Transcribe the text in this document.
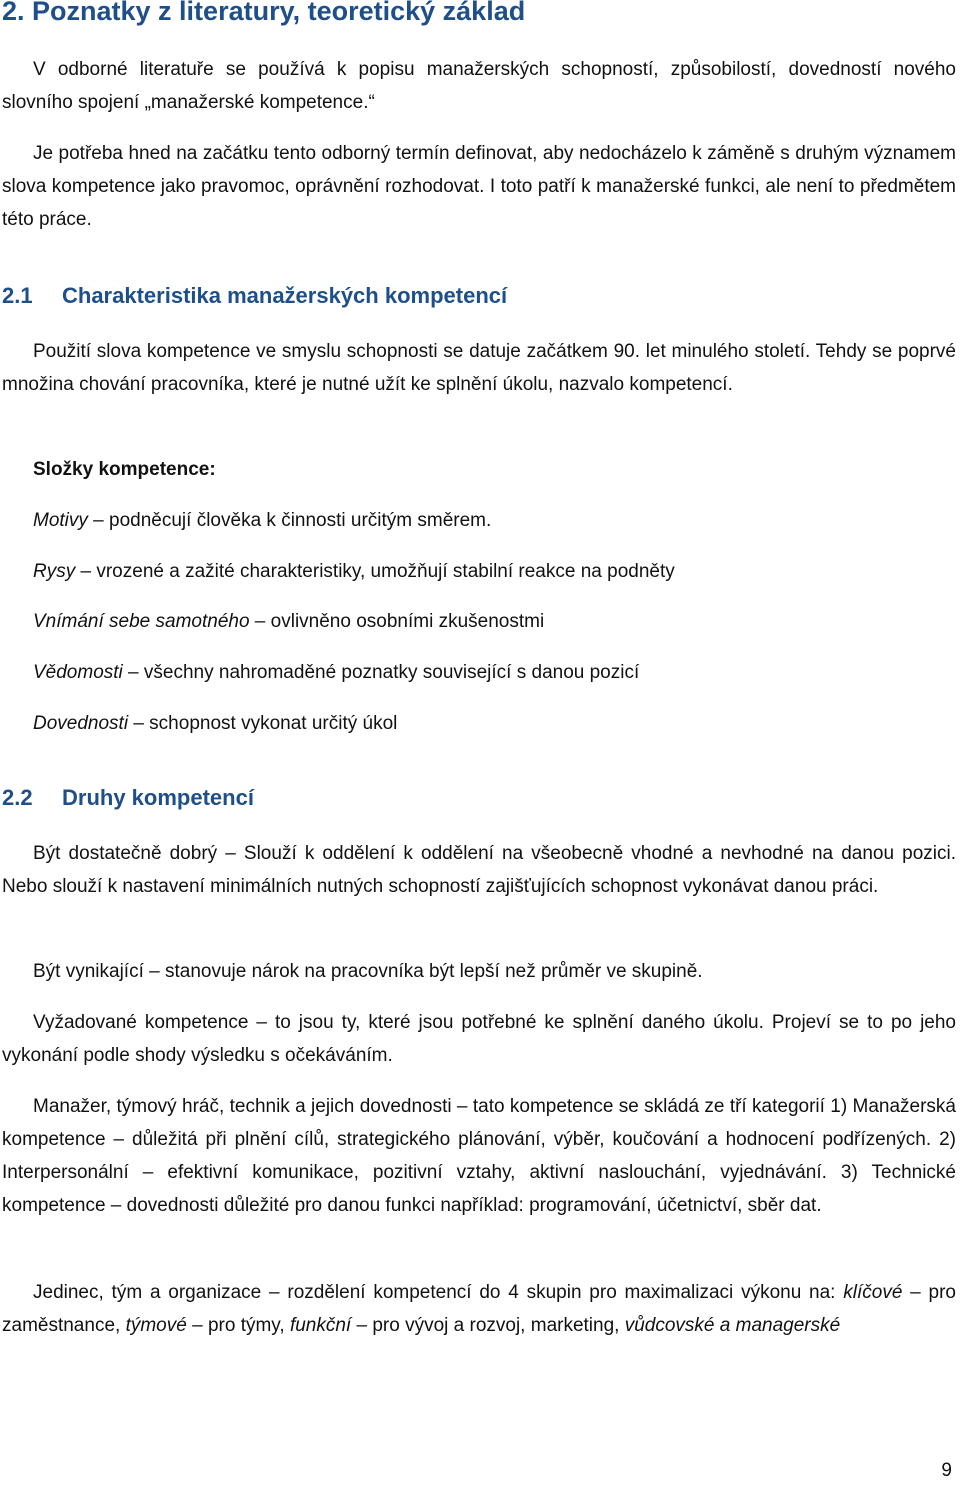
2. Poznatky z literatury, teoretický základ

V odborné literatuře se používá k popisu manažerských schopností, způsobilostí, dovedností nového slovního spojení „manažerské kompetence.“

Je potřeba hned na začátku tento odborný termín definovat, aby nedocházelo k záměně s druhým významem slova kompetence jako pravomoc, oprávnění rozhodovat. I toto patří k manažerské funkci, ale není to předmětem této práce.

2.1 Charakteristika manažerských kompetencí

Použití slova kompetence ve smyslu schopnosti se datuje začátkem 90. let minulého století. Tehdy se poprvé množina chování pracovníka, které je nutné užít ke splnění úkolu, nazvalo kompetencí.

Složky kompetence:

Motivy – podněcují člověka k činnosti určitým směrem.

Rysy – vrozené a zažité charakteristiky, umožňují stabilní reakce na podněty

Vnímání sebe samotného – ovlivněno osobními zkušenostmi

Vědomosti – všechny nahromaděné poznatky související s danou pozicí

Dovednosti – schopnost vykonat určitý úkol

2.2 Druhy kompetencí

Být dostatečně dobrý – Slouží k oddělení k oddělení na všeobecně vhodné a nevhodné na danou pozici. Nebo slouží k nastavení minimálních nutných schopností zajišťujících schopnost vykonávat danou práci.

Být vynikající – stanovuje nárok na pracovníka být lepší než průměr ve skupině.

Vyžadované kompetence – to jsou ty, které jsou potřebné ke splnění daného úkolu. Projeví se to po jeho vykonání podle shody výsledku s očekáváním.

Manažer, týmový hráč, technik a jejich dovednosti – tato kompetence se skládá ze tří kategorií 1) Manažerská kompetence – důležitá při plnění cílů, strategického plánování, výběr, koučování a hodnocení podřízených. 2) Interpersonální – efektivní komunikace, pozitivní vztahy, aktivní naslouchání, vyjednávání. 3) Technické kompetence – dovednosti důležité pro danou funkci například: programování, účetnictví, sběr dat.

Jedinec, tým a organizace – rozdělení kompetencí do 4 skupin pro maximalizaci výkonu na: klíčové – pro zaměstnance, týmové – pro týmy, funkční – pro vývoj a rozvoj, marketing, vůdcovské a managerské

9
